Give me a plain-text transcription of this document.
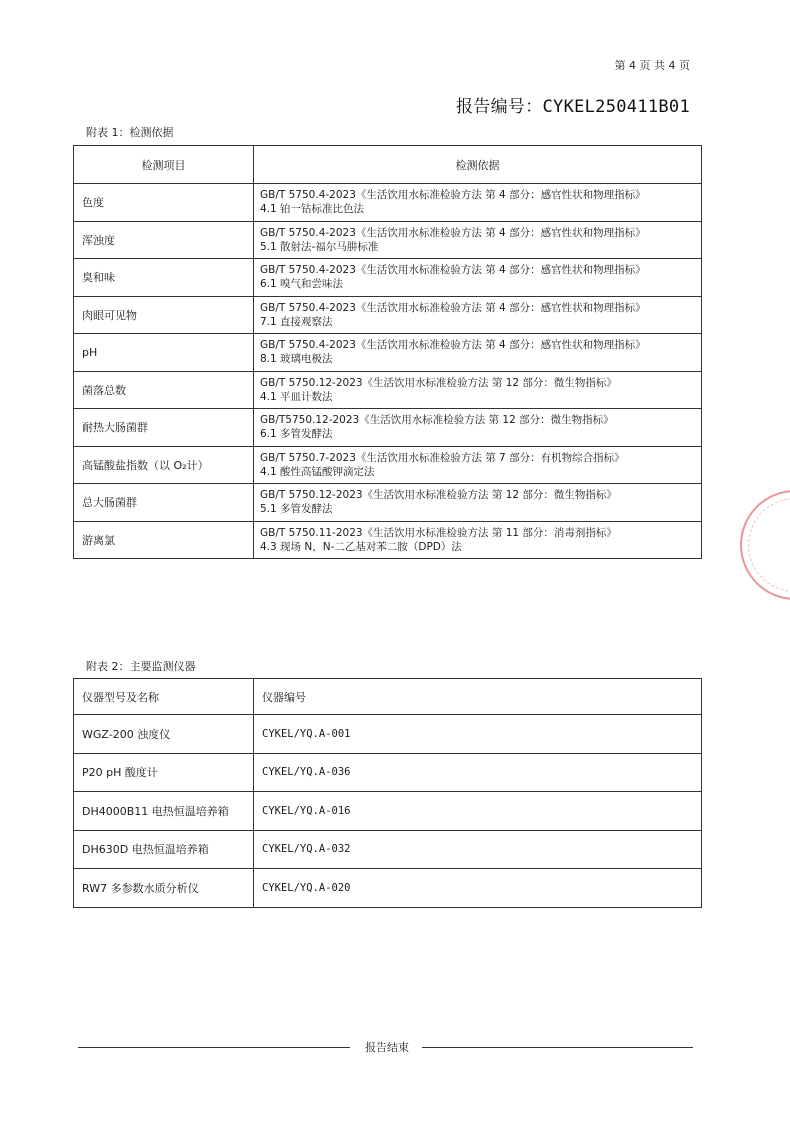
第 4 页 共 4 页
报告编号：CYKEL250411B01
附表 1：检测依据
检测项目	检测依据
色度	GB/T 5750.4-2023《生活饮用水标准检验方法 第 4 部分：感官性状和物理指标》
4.1 铂一钴标准比色法

浑浊度	GB/T 5750.4-2023《生活饮用水标准检验方法 第 4 部分：感官性状和物理指标》
5.1 散射法-福尔马肼标准

臭和味	GB/T 5750.4-2023《生活饮用水标准检验方法 第 4 部分：感官性状和物理指标》
6.1 嗅气和尝味法

肉眼可见物	GB/T 5750.4-2023《生活饮用水标准检验方法 第 4 部分：感官性状和物理指标》
7.1 直接观察法

pH	GB/T 5750.4-2023《生活饮用水标准检验方法 第 4 部分：感官性状和物理指标》
8.1 玻璃电极法

菌落总数	GB/T 5750.12-2023《生活饮用水标准检验方法 第 12 部分：微生物指标》
4.1 平皿计数法

耐热大肠菌群	GB/T5750.12-2023《生活饮用水标准检验方法 第 12 部分：微生物指标》
6.1 多管发酵法

高锰酸盐指数（以 O₂计）	GB/T 5750.7-2023《生活饮用水标准检验方法 第 7 部分：有机物综合指标》
4.1 酸性高锰酸钾滴定法

总大肠菌群	GB/T 5750.12-2023《生活饮用水标准检验方法 第 12 部分：微生物指标》
5.1 多管发酵法

游离氯	GB/T 5750.11-2023《生活饮用水标准检验方法 第 11 部分：消毒剂指标》
4.3 现场 N，N-二乙基对苯二胺（DPD）法
附表 2：主要监测仪器
仪器型号及名称	仪器编号
WGZ-200 浊度仪	CYKEL/YQ.A-001
P20 pH 酸度计	CYKEL/YQ.A-036
DH4000B11 电热恒温培养箱	CYKEL/YQ.A-016
DH630D 电热恒温培养箱	CYKEL/YQ.A-032
RW7 多参数水质分析仪	CYKEL/YQ.A-020
报告结束
